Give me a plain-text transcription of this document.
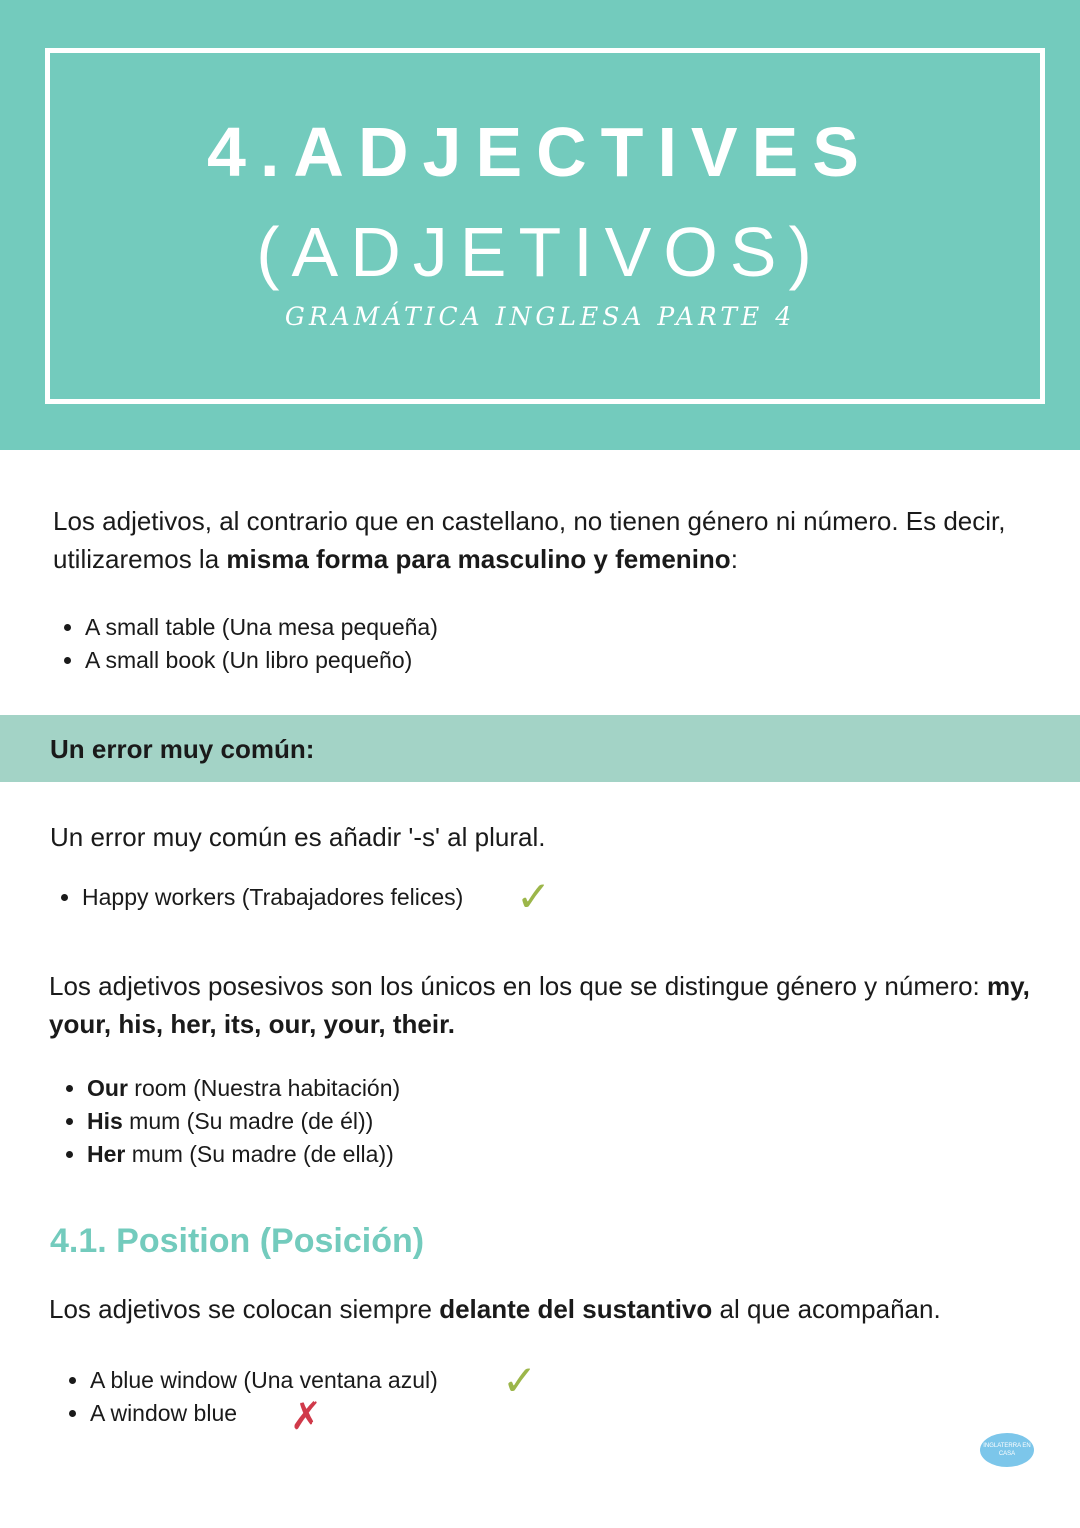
4.ADJECTIVES
(ADJETIVOS)
GRAMÁTICA INGLESA PARTE 4
Los adjetivos, al contrario que en castellano, no tienen género ni número. Es decir, utilizaremos la misma forma para masculino y femenino:
• A small table (Una mesa pequeña)
• A small book (Un libro pequeño)
Un error muy común:
Un error muy común es añadir '-s' al plural.
• Happy workers (Trabajadores felices) ✓
Los adjetivos posesivos son los únicos en los que se distingue género y número: my, your, his, her, its, our, your, their.
• Our room (Nuestra habitación)
• His mum (Su madre (de él))
• Her mum (Su madre (de ella))
4.1. Position (Posición)
Los adjetivos se colocan siempre delante del sustantivo al que acompañan.
• A blue window (Una ventana azul)
• A window blue
✓
✗
INGLATERRA EN CASA
